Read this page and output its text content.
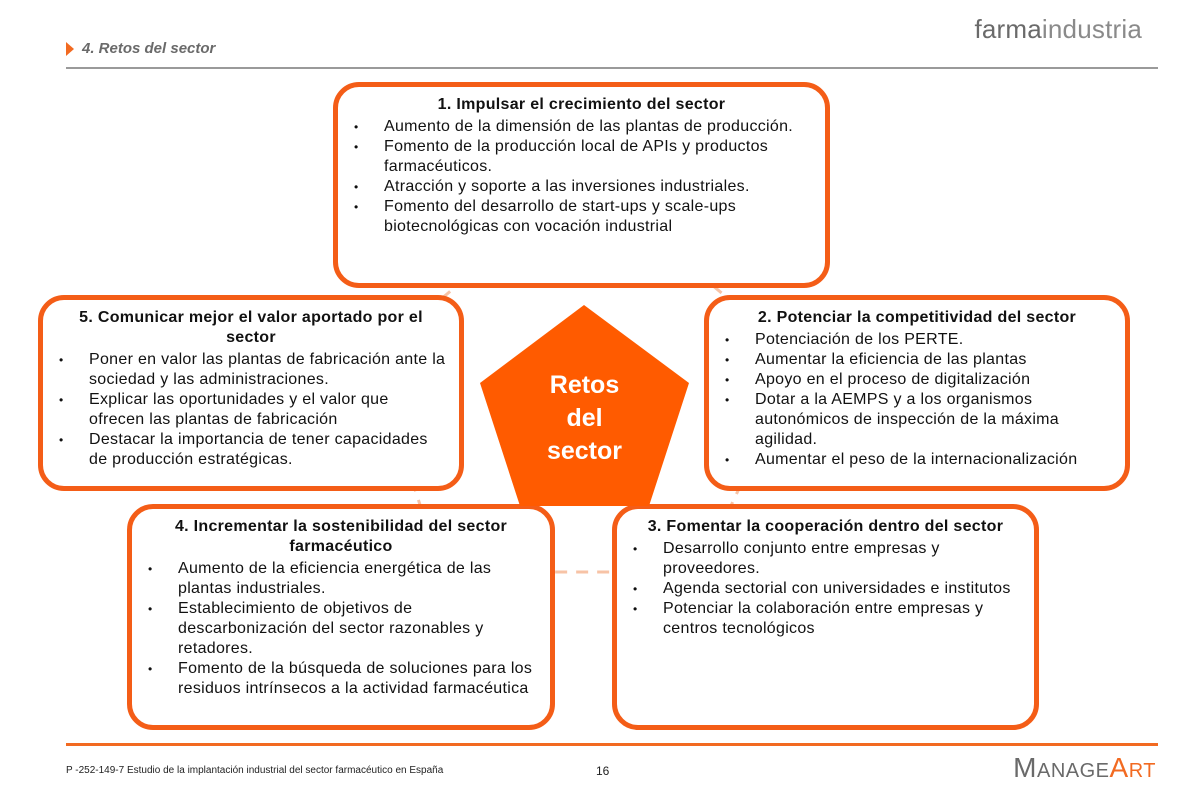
farmaindustria
4. Retos del sector
1. Impulsar el crecimiento del sector
• Aumento de la dimensión de las plantas de producción.
• Fomento de la producción local de APIs y productos farmacéuticos.
• Atracción y soporte a las inversiones industriales.
• Fomento del desarrollo de start-ups y scale-ups biotecnológicas con vocación industrial
2. Potenciar la competitividad del sector
• Potenciación de los PERTE.
• Aumentar la eficiencia de las plantas
• Apoyo en el proceso de digitalización
• Dotar a la AEMPS y a los organismos autonómicos de inspección de la máxima agilidad.
• Aumentar el peso de la internacionalización
3. Fomentar la cooperación dentro del sector
• Desarrollo conjunto entre empresas y proveedores.
• Agenda sectorial con universidades e institutos
• Potenciar la colaboración entre empresas y centros tecnológicos
4. Incrementar la sostenibilidad del sector farmacéutico
• Aumento de la eficiencia energética de las plantas industriales.
• Establecimiento de objetivos de descarbonización del sector razonables y retadores.
• Fomento de la búsqueda de soluciones para los residuos intrínsecos a la actividad farmacéutica
5. Comunicar mejor el valor aportado por el sector
• Poner en valor las plantas de fabricación ante la sociedad y las administraciones.
• Explicar las oportunidades y el valor que ofrecen las plantas de fabricación
• Destacar la importancia de tener capacidades de producción estratégicas.
Retos
del
sector
P -252-149-7 Estudio de la implantación industrial del sector farmacéutico en España	16	ManageArt
